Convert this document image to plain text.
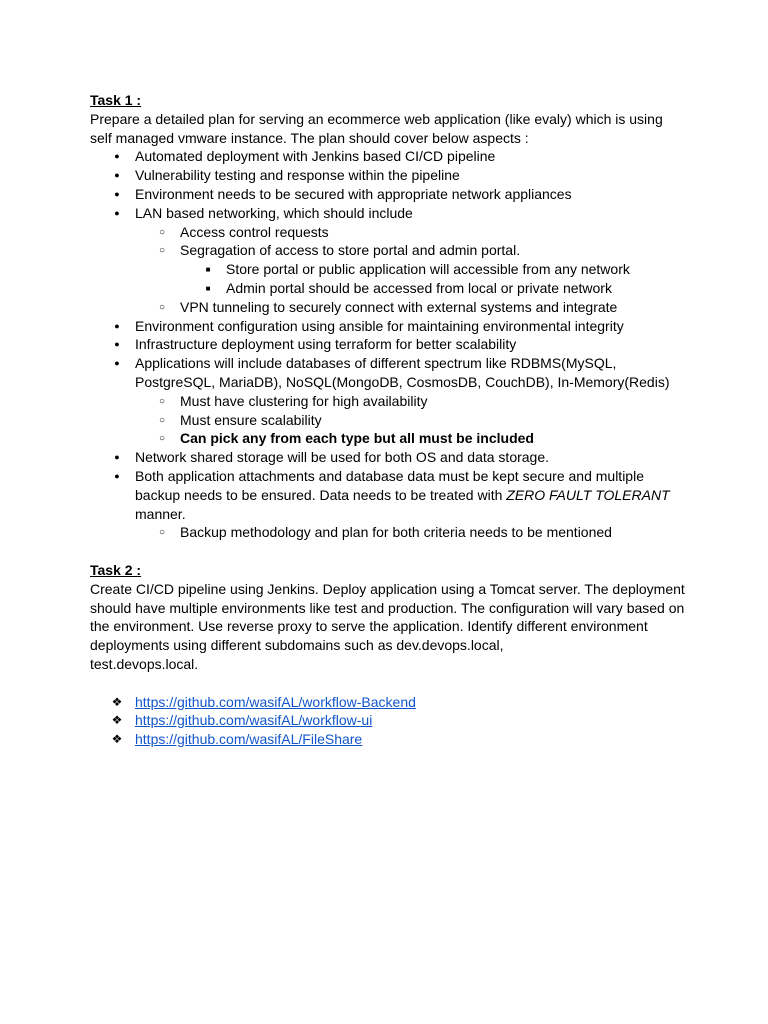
Task 1 :
Prepare a detailed plan for serving an ecommerce web application (like evaly) which is using
self managed vmware instance. The plan should cover below aspects :
●
Automated deployment with Jenkins based CI/CD pipeline
●
Vulnerability testing and response within the pipeline
●
Environment needs to be secured with appropriate network appliances
●
LAN based networking, which should include
○
Access control requests
○
Segragation of access to store portal and admin portal.
■
Store portal or public application will accessible from any network
■
Admin portal should be accessed from local or private network
○
VPN tunneling to securely connect with external systems and integrate
●
Environment configuration using ansible for maintaining environmental integrity
●
Infrastructure deployment using terraform for better scalability
●
Applications will include databases of different spectrum like RDBMS(MySQL,
PostgreSQL, MariaDB), NoSQL(MongoDB, CosmosDB, CouchDB), In-Memory(Redis)
○
Must have clustering for high availability
○
Must ensure scalability
○
Can pick any from each type but all must be included
●
Network shared storage will be used for both OS and data storage.
●
Both application attachments and database data must be kept secure and multiple
backup needs to be ensured. Data needs to be treated with ZERO FAULT TOLERANT
manner.
○
Backup methodology and plan for both criteria needs to be mentioned
Task 2 :
Create CI/CD pipeline using Jenkins. Deploy application using a Tomcat server. The deployment
should have multiple environments like test and production. The configuration will vary based on
the environment. Use reverse proxy to serve the application. Identify different environment
deployments using different subdomains such as dev.devops.local,
test.devops.local.
❖
https://github.com/wasifAL/workflow-Backend
❖
https://github.com/wasifAL/workflow-ui
❖
https://github.com/wasifAL/FileShare
